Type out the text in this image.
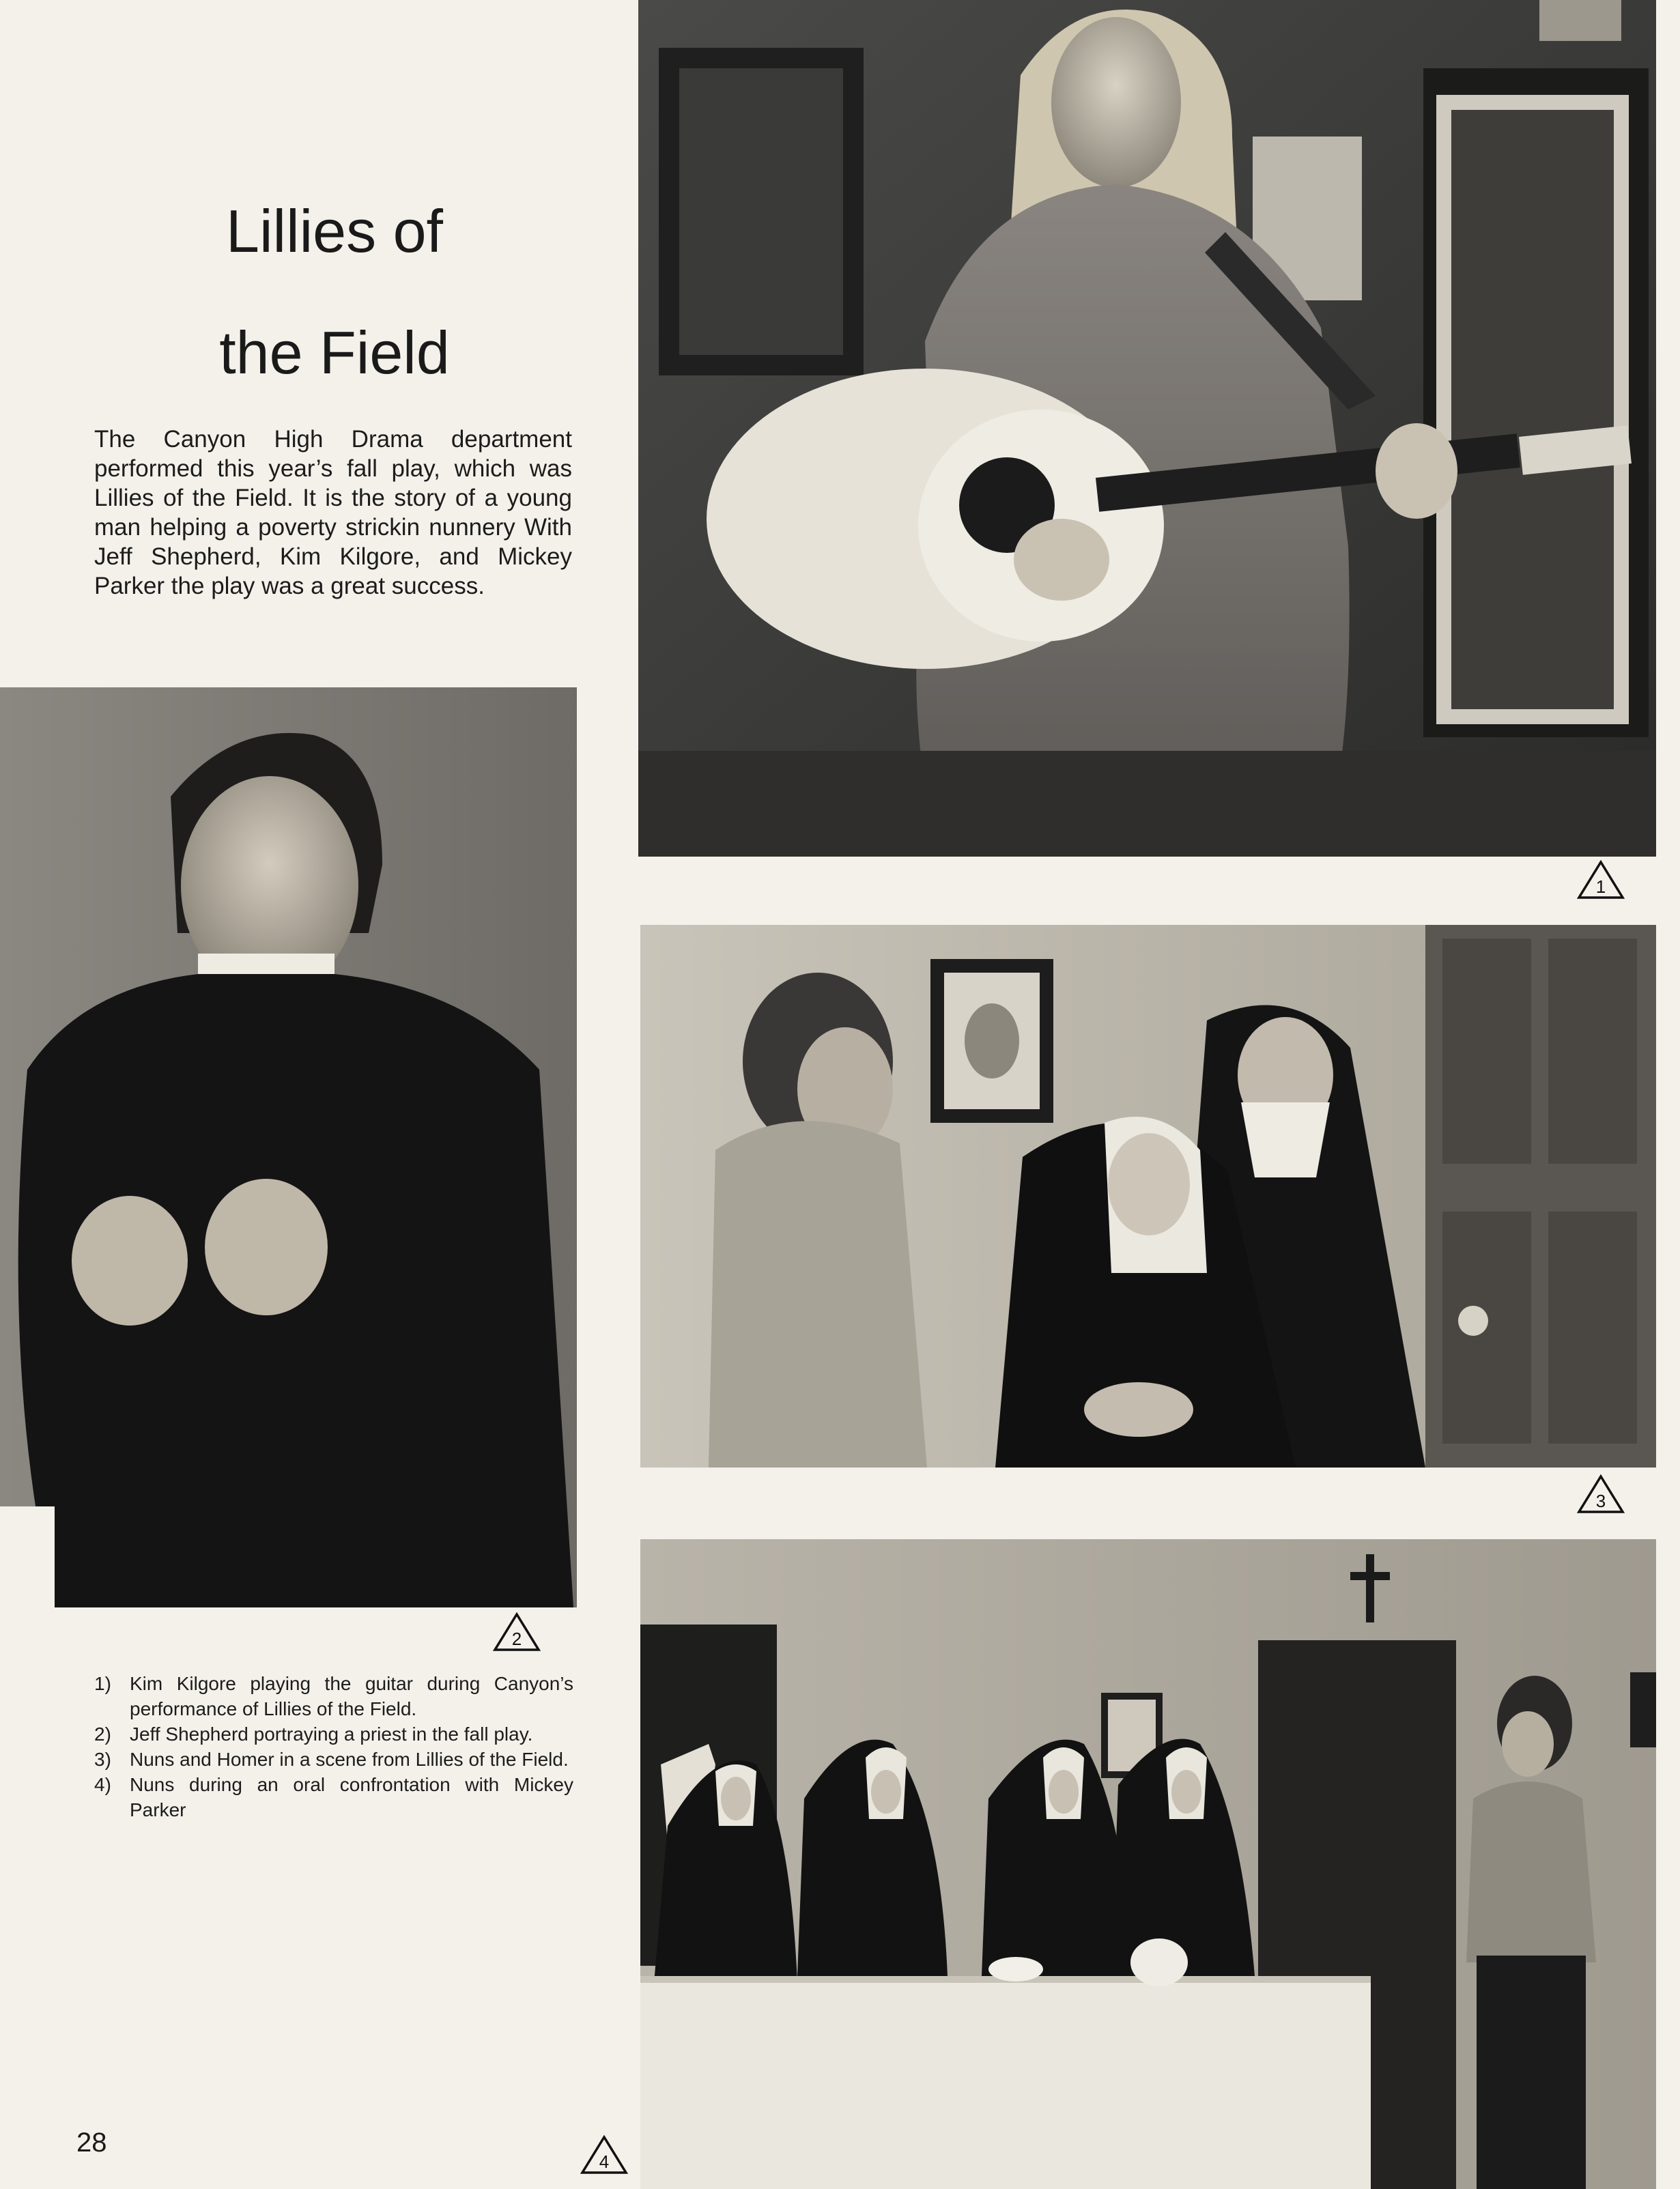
Lillies of
the Field

The Canyon High Drama department performed this year’s fall play, which was Lillies of the Field. It is the story of a young man helping a poverty strickin nunnery With Jeff Shepherd, Kim Kilgore, and Mickey Parker the play was a great success.

1
2
3
4
1) Kim Kilgore playing the guitar during Canyon’s performance of Lillies of the Field.
2) Jeff Shepherd portraying a priest in the fall play.
3) Nuns and Homer in a scene from Lillies of the Field.
4) Nuns during an oral confrontation with Mickey Parker
28
